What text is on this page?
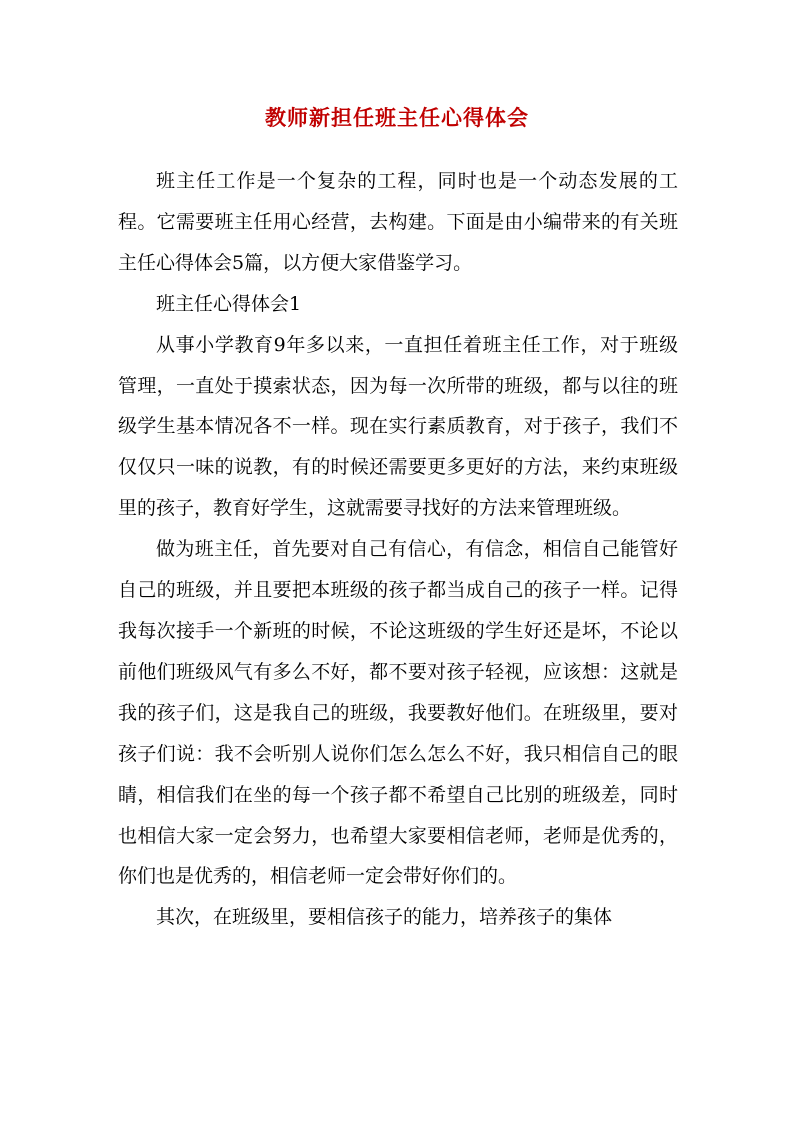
教师新担任班主任心得体会

班主任工作是一个复杂的工程，同时也是一个动态发展的工程。它需要班主任用心经营，去构建。下面是由小编带来的有关班主任心得体会5篇，以方便大家借鉴学习。

班主任心得体会1

从事小学教育9年多以来，一直担任着班主任工作，对于班级管理，一直处于摸索状态，因为每一次所带的班级，都与以往的班级学生基本情况各不一样。现在实行素质教育，对于孩子，我们不仅仅只一味的说教，有的时候还需要更多更好的方法，来约束班级里的孩子，教育好学生，这就需要寻找好的方法来管理班级。

做为班主任，首先要对自己有信心，有信念，相信自己能管好自己的班级，并且要把本班级的孩子都当成自己的孩子一样。记得我每次接手一个新班的时候，不论这班级的学生好还是坏，不论以前他们班级风气有多么不好，都不要对孩子轻视，应该想：这就是我的孩子们，这是我自己的班级，我要教好他们。在班级里，要对孩子们说：我不会听别人说你们怎么怎么不好，我只相信自己的眼睛，相信我们在坐的每一个孩子都不希望自己比别的班级差，同时也相信大家一定会努力，也希望大家要相信老师，老师是优秀的，你们也是优秀的，相信老师一定会带好你们的。

其次，在班级里，要相信孩子的能力，培养孩子的集体
